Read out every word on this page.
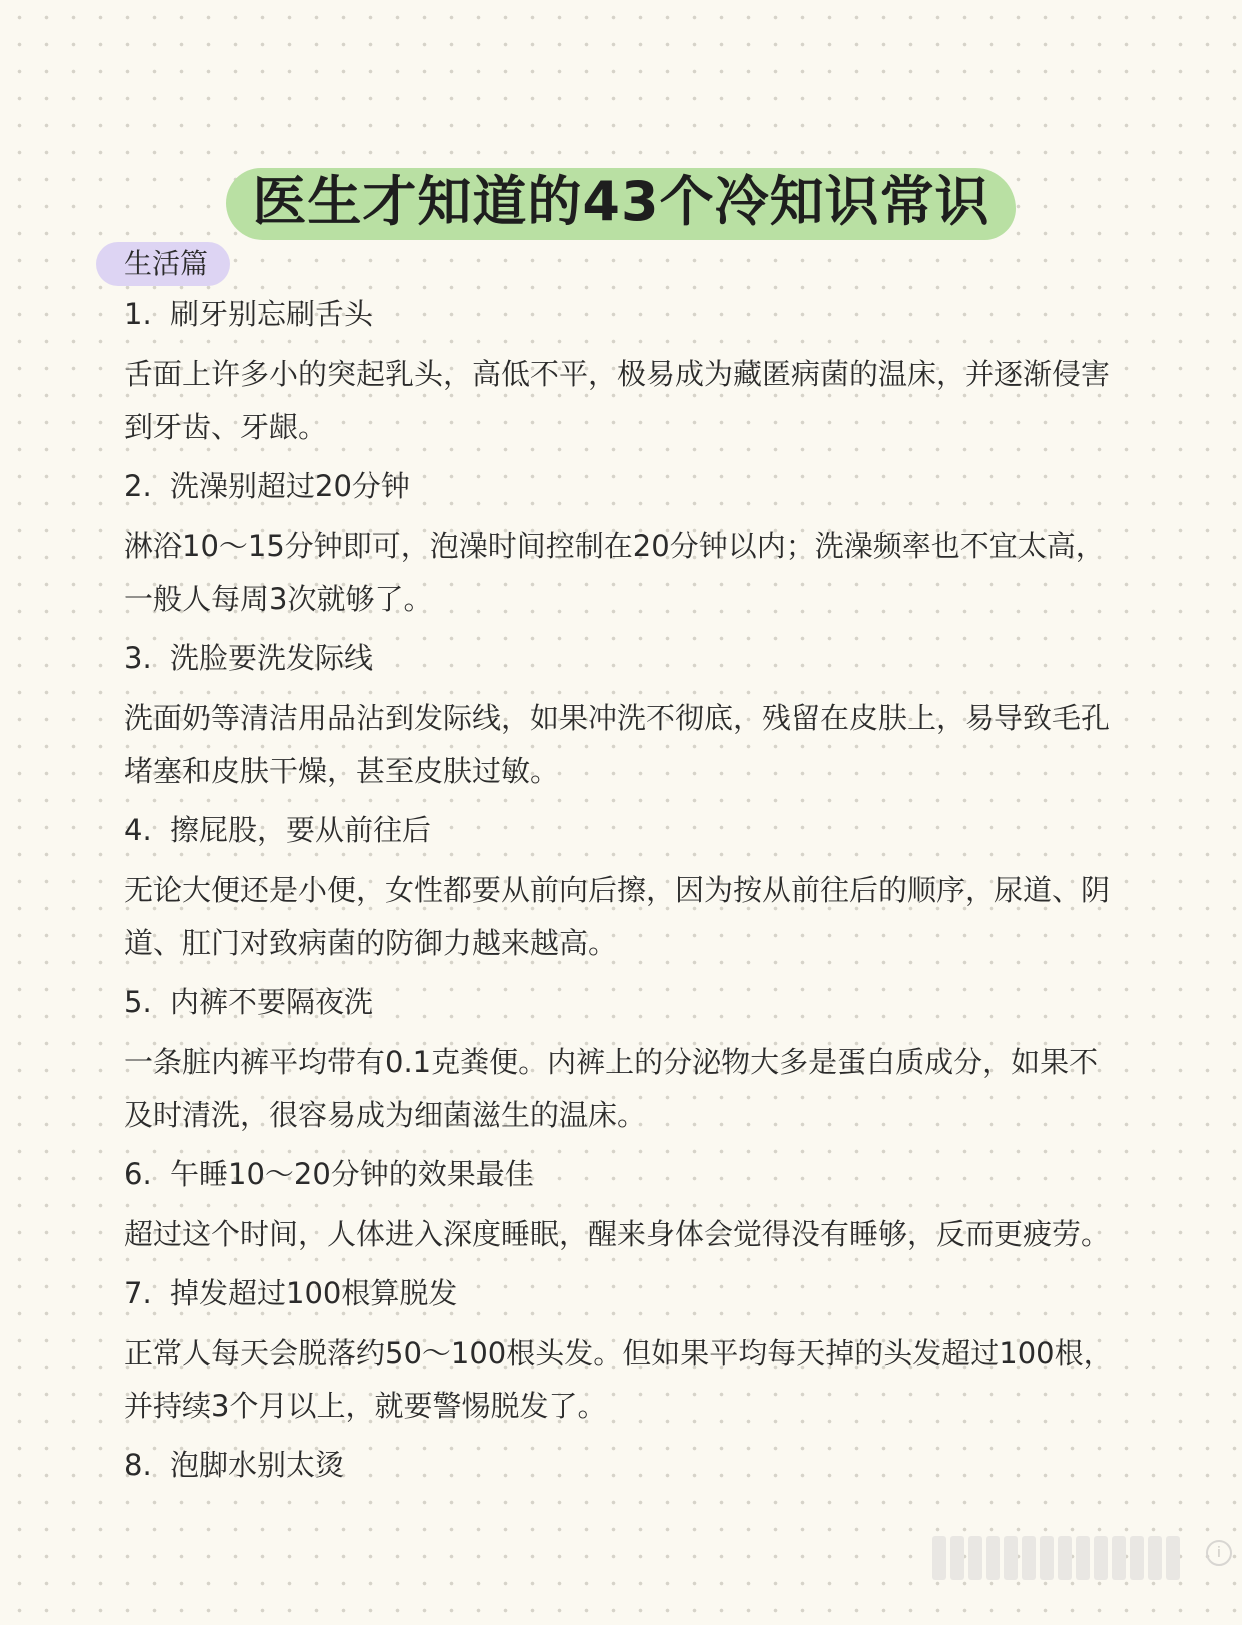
医生才知道的43个冷知识常识
生活篇
1. 刷牙别忘刷舌头
舌面上许多小的突起乳头，高低不平，极易成为藏匿病菌的温床，并逐渐侵害到牙齿、牙龈。
2. 洗澡别超过20分钟
淋浴10～15分钟即可，泡澡时间控制在20分钟以内；洗澡频率也不宜太高，一般人每周3次就够了。
3. 洗脸要洗发际线
洗面奶等清洁用品沾到发际线，如果冲洗不彻底，残留在皮肤上，易导致毛孔堵塞和皮肤干燥，甚至皮肤过敏。
4. 擦屁股，要从前往后
无论大便还是小便，女性都要从前向后擦，因为按从前往后的顺序，尿道、阴道、肛门对致病菌的防御力越来越高。
5. 内裤不要隔夜洗
一条脏内裤平均带有0.1克粪便。内裤上的分泌物大多是蛋白质成分，如果不及时清洗，很容易成为细菌滋生的温床。
6. 午睡10～20分钟的效果最佳
超过这个时间，人体进入深度睡眠，醒来身体会觉得没有睡够，反而更疲劳。
7. 掉发超过100根算脱发
正常人每天会脱落约50～100根头发。但如果平均每天掉的头发超过100根，并持续3个月以上，就要警惕脱发了。
8. 泡脚水别太烫
i
